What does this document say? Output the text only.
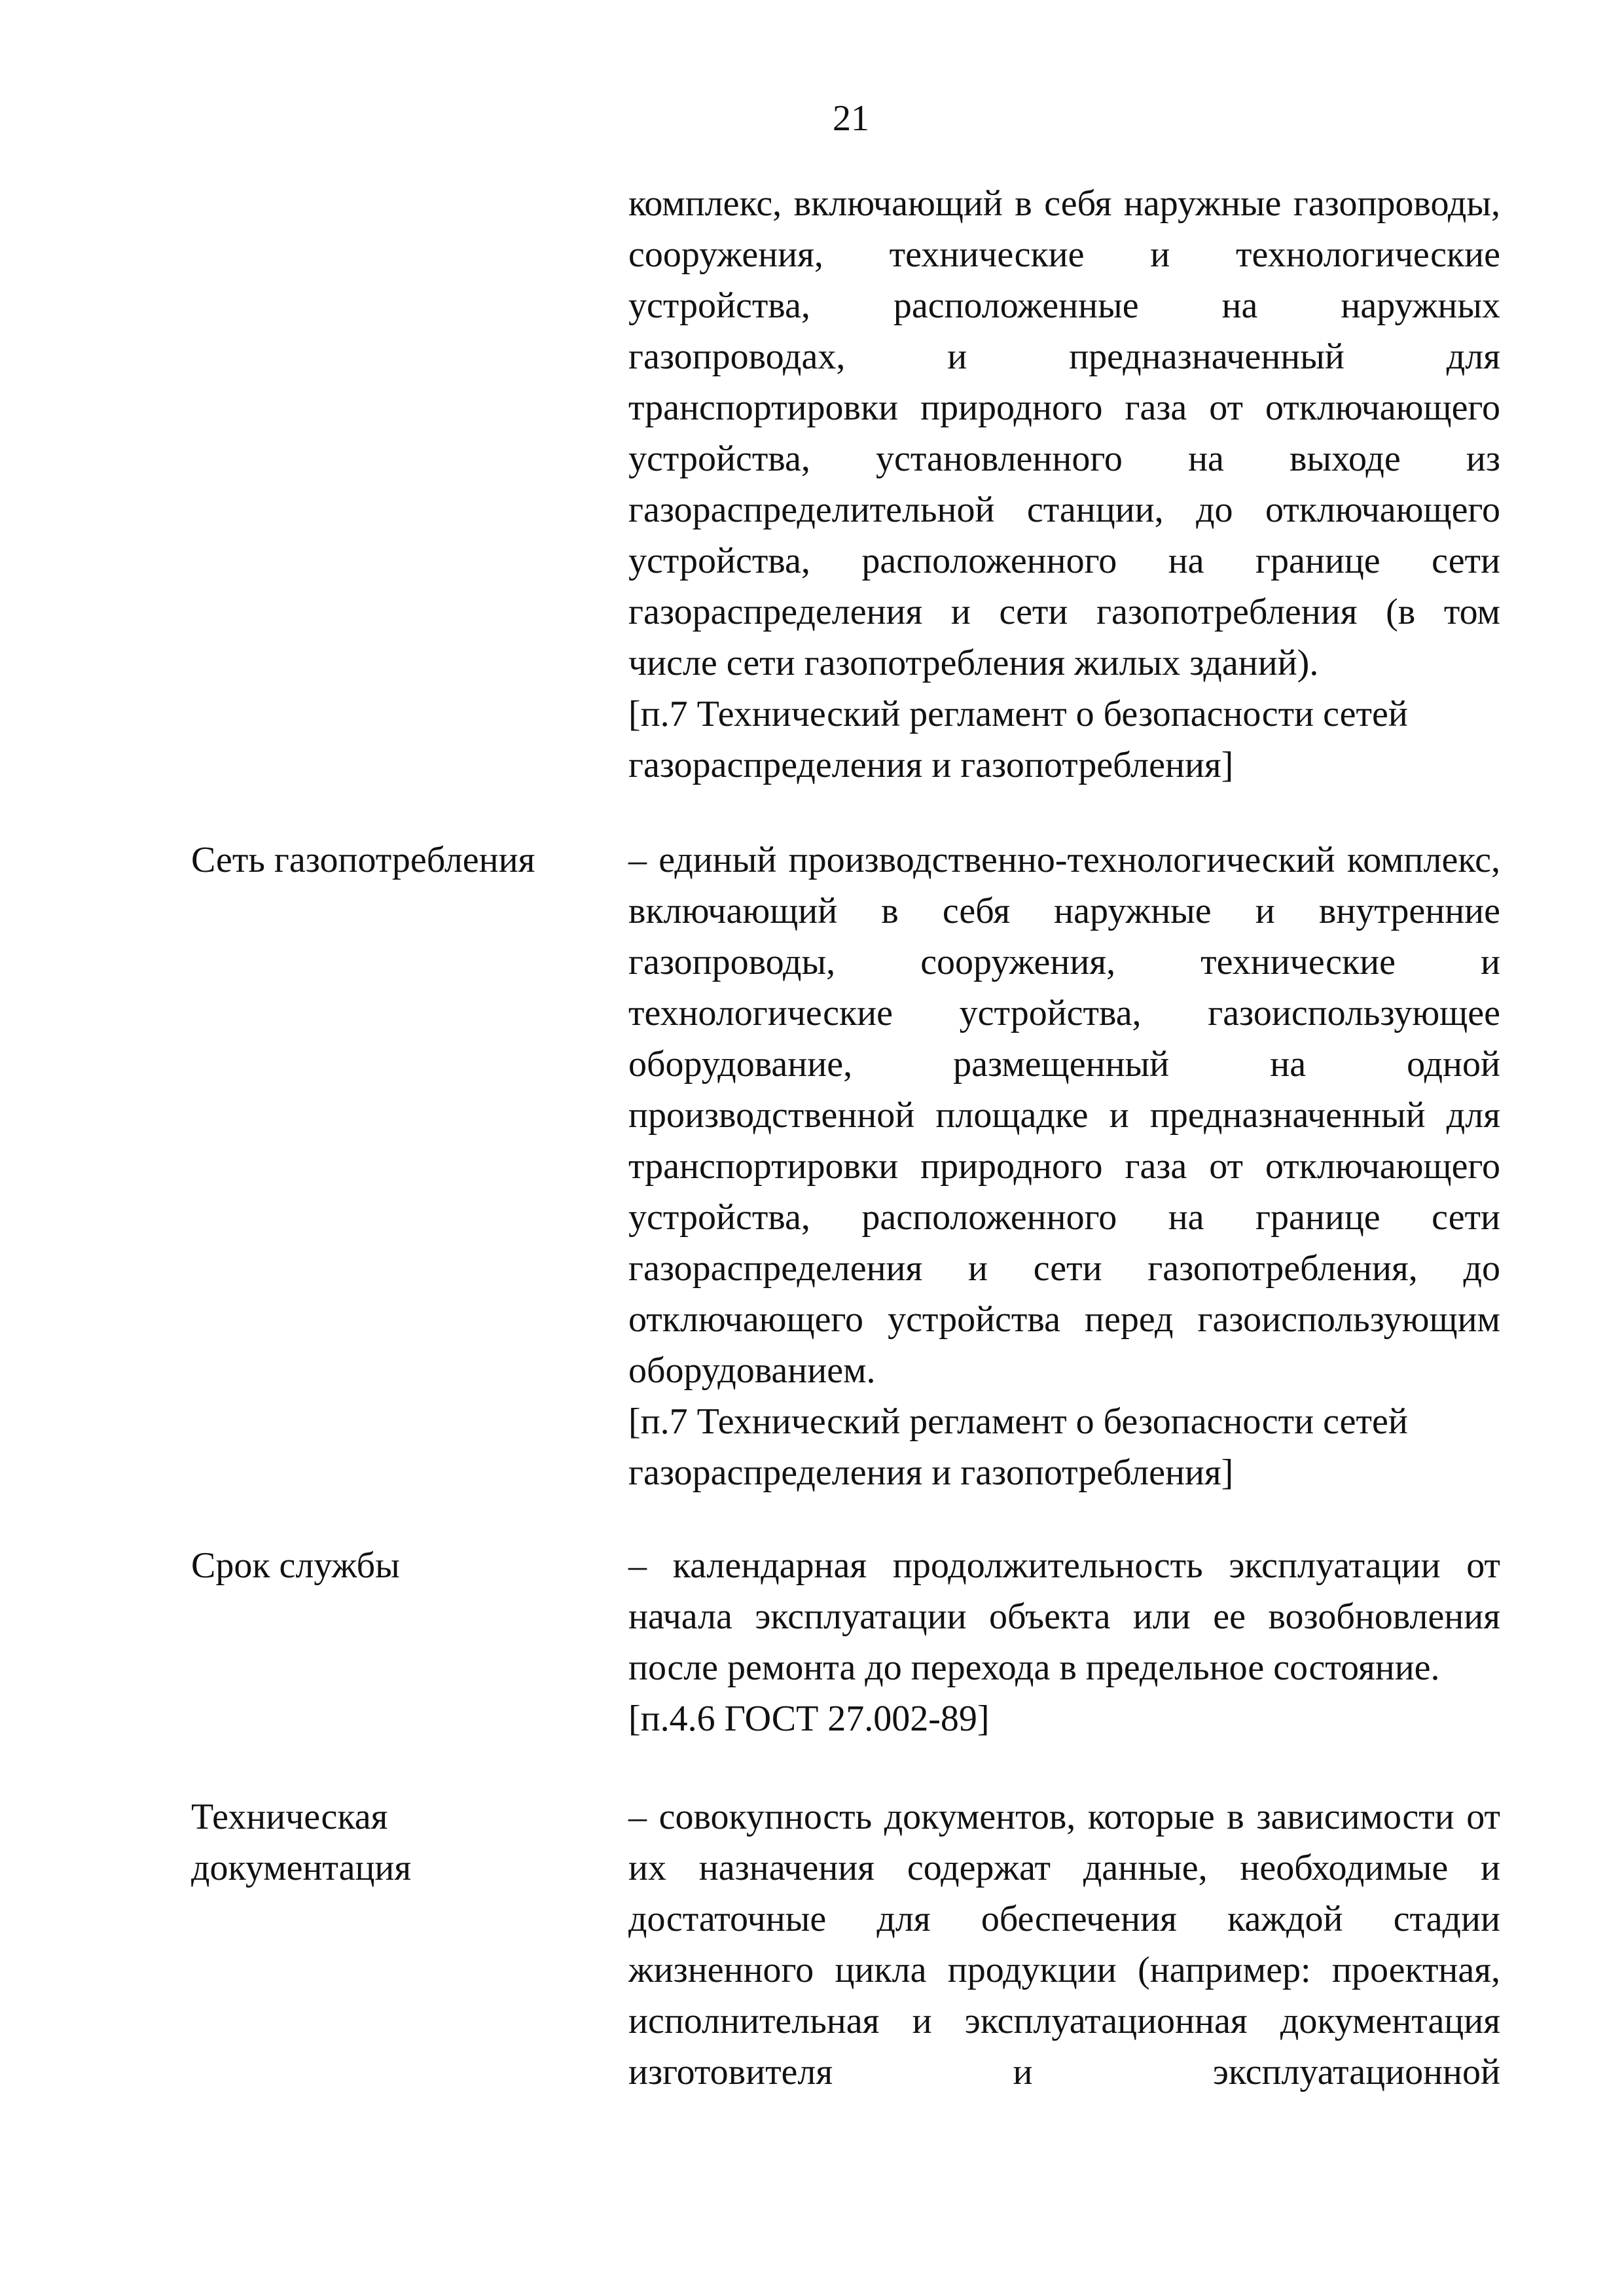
21

комплекс, включающий в себя наружные газопроводы, сооружения, технические и технологические устройства, расположенные на наружных газопроводах, и предназначенный для транспортировки природного газа от отключающего устройства, установленного на выходе из газораспределительной станции, до отключающего устройства, расположенного на границе сети газораспределения и сети газопотребления (в том числе сети газопотребления жилых зданий).

[п.7 Технический регламент о безопасности сетей газораспределения и газопотребления]

Сеть газопотребления	– единый производственно-технологический комплекс, включающий в себя наружные и внутренние газопроводы, сооружения, технические и технологические устройства, газоиспользующее оборудование, размещенный на одной производственной площадке и предназначенный для транспортировки природного газа от отключающего устройства, расположенного на границе сети газораспределения и сети газопотребления, до отключающего устройства перед газоиспользующим оборудованием.

[п.7 Технический регламент о безопасности сетей газораспределения и газопотребления]

Срок службы	– календарная продолжительность эксплуатации от начала эксплуатации объекта или ее возобновления после ремонта до перехода в предельное состояние.

[п.4.6 ГОСТ 27.002-89]

Техническая документация

– совокупность документов, которые в зависимости от их назначения содержат данные, необходимые и достаточные для обеспечения каждой стадии жизненного цикла продукции (например: проектная, исполнительная и эксплуатационная документация изготовителя и эксплуатационной
